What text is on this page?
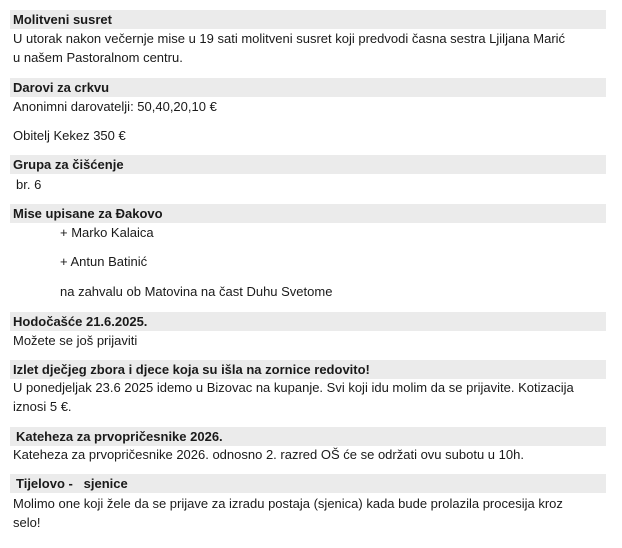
Molitveni susret
U utorak nakon večernje mise u 19 sati molitveni susret koji predvodi časna sestra Ljiljana Marić
u našem Pastoralnom centru.
Darovi za crkvu
Anonimni darovatelji: 50,40,20,10 €
Obitelj Kekez 350 €
Grupa za čišćenje
br. 6
Mise upisane za Đakovo
+ Marko Kalaica
+ Antun Batinić
na zahvalu ob Matovina na čast Duhu Svetome
Hodočašće 21.6.2025.
Možete se još prijaviti
Izlet dječjeg zbora i djece koja su išla na zornice redovito!
U ponedjeljak 23.6 2025 idemo u Bizovac na kupanje. Svi koji idu molim da se prijavite. Kotizacija
iznosi 5 €.
Kateheza za prvopričesnike 2026.
Kateheza za prvopričesnike 2026. odnosno 2. razred OŠ će se održati ovu subotu u 10h.
Tijelovo -   sjenice
Molimo one koji žele da se prijave za izradu postaja (sjenica) kada bude prolazila procesija kroz
selo!
